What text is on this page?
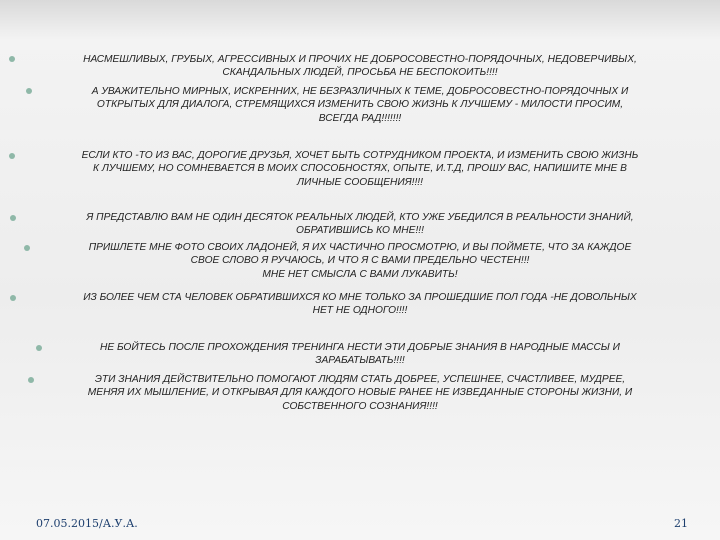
НАСМЕШЛИВЫХ, ГРУБЫХ, АГРЕССИВНЫХ И ПРОЧИХ НЕ ДОБРОСОВЕСТНО-ПОРЯДОЧНЫХ, НЕДОВЕРЧИВЫХ,
СКАНДАЛЬНЫХ ЛЮДЕЙ, ПРОСЬБА НЕ БЕСПОКОИТЬ!!!!
А УВАЖИТЕЛЬНО МИРНЫХ, ИСКРЕННИХ, НЕ БЕЗРАЗЛИЧНЫХ К ТЕМЕ, ДОБРОСОВЕСТНО-ПОРЯДОЧНЫХ И
ОТКРЫТЫХ ДЛЯ ДИАЛОГА, СТРЕМЯЩИХСЯ ИЗМЕНИТЬ СВОЮ ЖИЗНЬ К ЛУЧШЕМУ - МИЛОСТИ ПРОСИМ,
ВСЕГДА РАД!!!!!!!
ЕСЛИ КТО -ТО ИЗ ВАС, ДОРОГИЕ ДРУЗЬЯ, ХОЧЕТ БЫТЬ СОТРУДНИКОМ ПРОЕКТА, И ИЗМЕНИТЬ СВОЮ ЖИЗНЬ
К ЛУЧШЕМУ, НО СОМНЕВАЕТСЯ В МОИХ СПОСОБНОСТЯХ, ОПЫТЕ, И.Т.Д, ПРОШУ ВАС, НАПИШИТЕ МНЕ В
ЛИЧНЫЕ СООБЩЕНИЯ!!!!
Я ПРЕДСТАВЛЮ ВАМ НЕ ОДИН ДЕСЯТОК РЕАЛЬНЫХ ЛЮДЕЙ, КТО УЖЕ УБЕДИЛСЯ В РЕАЛЬНОСТИ ЗНАНИЙ,
ОБРАТИВШИСЬ КО МНЕ!!!
ПРИШЛЕТЕ МНЕ ФОТО СВОИХ ЛАДОНЕЙ, Я ИХ ЧАСТИЧНО ПРОСМОТРЮ, И ВЫ ПОЙМЕТЕ, ЧТО ЗА КАЖДОЕ
СВОЕ СЛОВО Я РУЧАЮСЬ, И ЧТО Я С ВАМИ ПРЕДЕЛЬНО ЧЕСТЕН!!!
МНЕ НЕТ СМЫСЛА С ВАМИ ЛУКАВИТЬ!
ИЗ БОЛЕЕ ЧЕМ СТА ЧЕЛОВЕК ОБРАТИВШИХСЯ КО МНЕ ТОЛЬКО ЗА ПРОШЕДШИЕ ПОЛ ГОДА -НЕ ДОВОЛЬНЫХ
НЕТ НЕ ОДНОГО!!!!
НЕ БОЙТЕСЬ ПОСЛЕ ПРОХОЖДЕНИЯ ТРЕНИНГА НЕСТИ ЭТИ ДОБРЫЕ ЗНАНИЯ В НАРОДНЫЕ МАССЫ И
ЗАРАБАТЫВАТЬ!!!!
ЭТИ ЗНАНИЯ ДЕЙСТВИТЕЛЬНО ПОМОГАЮТ ЛЮДЯМ СТАТЬ ДОБРЕЕ, УСПЕШНЕЕ, СЧАСТЛИВЕЕ, МУДРЕЕ,
МЕНЯЯ ИХ МЫШЛЕНИЕ, И ОТКРЫВАЯ ДЛЯ КАЖДОГО НОВЫЕ РАНЕЕ НЕ ИЗВЕДАННЫЕ СТОРОНЫ ЖИЗНИ, И
СОБСТВЕННОГО СОЗНАНИЯ!!!!
07.05.2015/А.У.А.	21
